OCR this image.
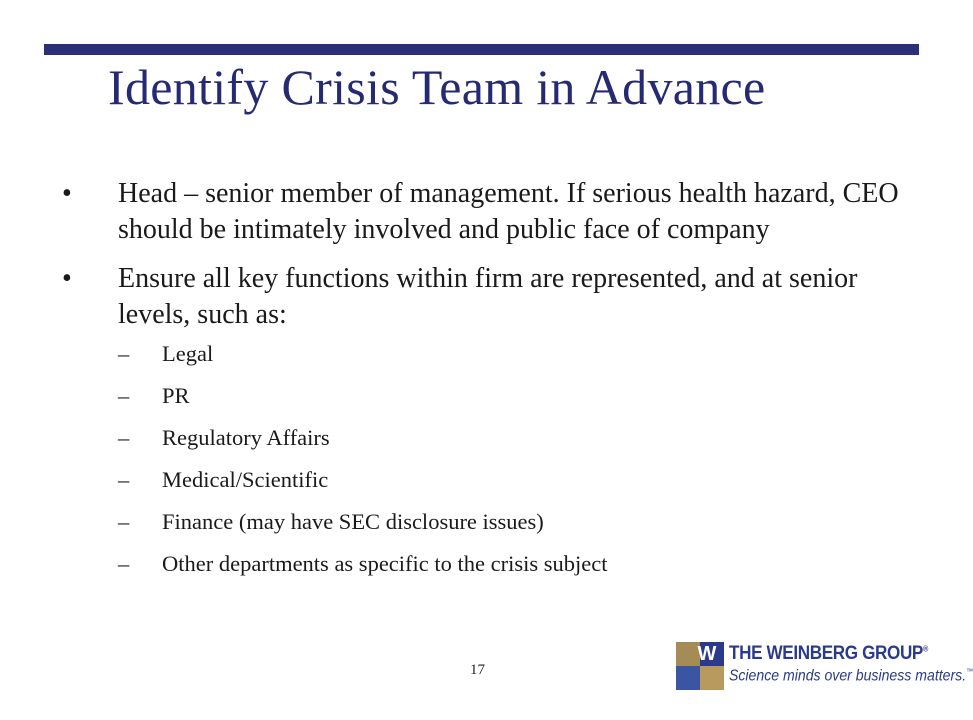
Identify Crisis Team in Advance
• Head – senior member of management. If serious health hazard, CEO should be intimately involved and public face of company
• Ensure all key functions within firm are represented, and at senior levels, such as:
– Legal
– PR
– Regulatory Affairs
– Medical/Scientific
– Finance (may have SEC disclosure issues)
– Other departments as specific to the crisis subject
17
W THE WEINBERG GROUP®
Science minds over business matters.™
